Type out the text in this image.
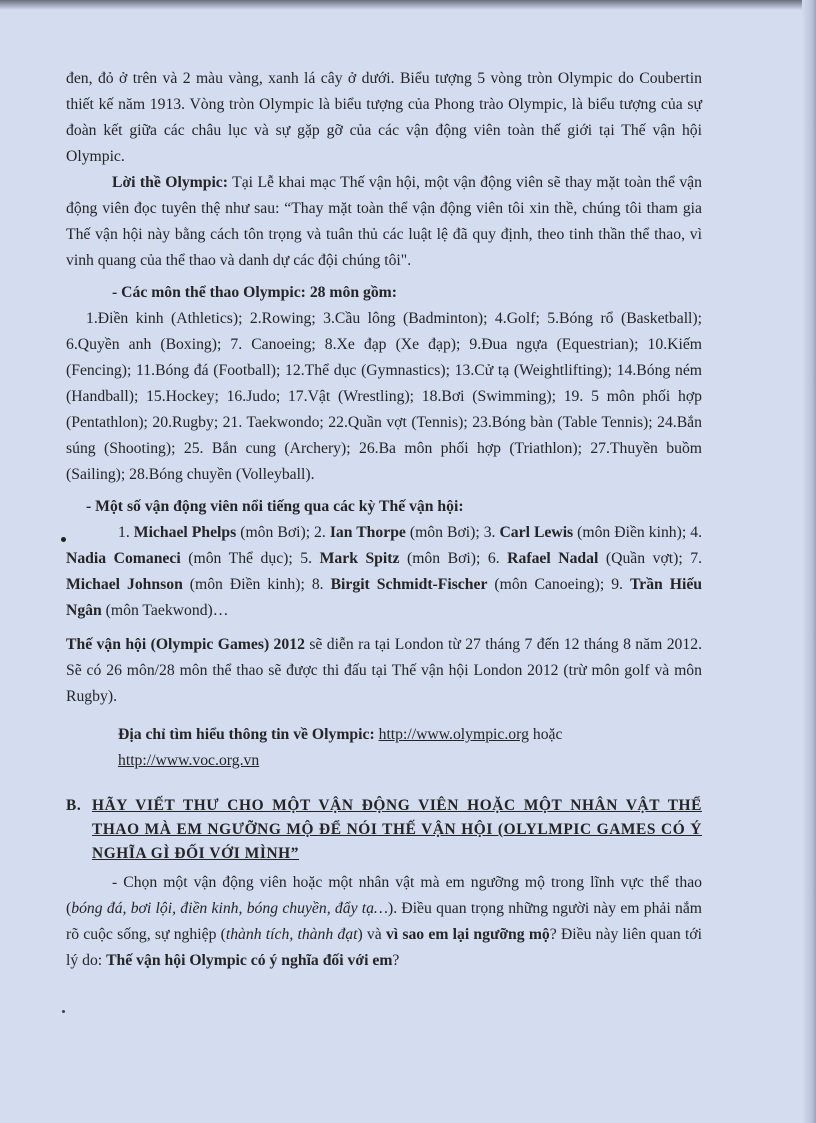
đen, đỏ ở trên và 2 màu vàng, xanh lá cây ở dưới. Biểu tượng 5 vòng tròn Olympic do Coubertin thiết kế năm 1913. Vòng tròn Olympic là biểu tượng của Phong trào Olympic, là biểu tượng của sự đoàn kết giữa các châu lục và sự gặp gỡ của các vận động viên toàn thế giới tại Thế vận hội Olympic.

Lời thề Olympic: Tại Lễ khai mạc Thế vận hội, một vận động viên sẽ thay mặt toàn thể vận động viên đọc tuyên thệ như sau: “Thay mặt toàn thể vận động viên tôi xin thề, chúng tôi tham gia Thế vận hội này bằng cách tôn trọng và tuân thủ các luật lệ đã quy định, theo tinh thần thể thao, vì vinh quang của thể thao và danh dự các đội chúng tôi".

- Các môn thể thao Olympic: 28 môn gồm:

1.Điền kinh (Athletics); 2.Rowing; 3.Cầu lông (Badminton); 4.Golf; 5.Bóng rổ (Basketball); 6.Quyền anh (Boxing); 7. Canoeing; 8.Xe đạp (Xe đạp); 9.Đua ngựa (Equestrian); 10.Kiếm (Fencing); 11.Bóng đá (Football); 12.Thể dục (Gymnastics); 13.Cử tạ (Weightlifting); 14.Bóng ném (Handball); 15.Hockey; 16.Judo; 17.Vật (Wrestling); 18.Bơi (Swimming); 19. 5 môn phối hợp (Pentathlon); 20.Rugby; 21. Taekwondo; 22.Quần vợt (Tennis); 23.Bóng bàn (Table Tennis); 24.Bắn súng (Shooting); 25. Bắn cung (Archery); 26.Ba môn phối hợp (Triathlon); 27.Thuyền buồm (Sailing); 28.Bóng chuyền (Volleyball).

- Một số vận động viên nổi tiếng qua các kỳ Thế vận hội:

1. Michael Phelps (môn Bơi); 2. Ian Thorpe (môn Bơi); 3. Carl Lewis (môn Điền kinh); 4. Nadia Comaneci (môn Thể dục); 5. Mark Spitz (môn Bơi); 6. Rafael Nadal (Quần vợt); 7. Michael Johnson (môn Điền kinh); 8. Birgit Schmidt-Fischer (môn Canoeing); 9. Trần Hiếu Ngân (môn Taekwond)…

Thế vận hội (Olympic Games) 2012 sẽ diễn ra tại London từ 27 tháng 7 đến 12 tháng 8 năm 2012. Sẽ có 26 môn/28 môn thể thao sẽ được thi đấu tại Thế vận hội London 2012 (trừ môn golf và môn Rugby).

Địa chỉ tìm hiểu thông tin về Olympic: http://www.olympic.org hoặc
http://www.voc.org.vn

B. HÃY VIẾT THƯ CHO MỘT VẬN ĐỘNG VIÊN HOẶC MỘT NHÂN VẬT THỂ THAO MÀ EM NGƯỠNG MỘ ĐỂ NÓI THẾ VẬN HỘI (OLYLMPIC GAMES CÓ Ý NGHĨA GÌ ĐỐI VỚI MÌNH”

- Chọn một vận động viên hoặc một nhân vật mà em ngưỡng mộ trong lĩnh vực thể thao (bóng đá, bơi lội, điền kinh, bóng chuyền, đẩy tạ…). Điều quan trọng những người này em phải nắm rõ cuộc sống, sự nghiệp (thành tích, thành đạt) và vì sao em lại ngưỡng mộ? Điều này liên quan tới lý do: Thế vận hội Olympic có ý nghĩa đối với em?
